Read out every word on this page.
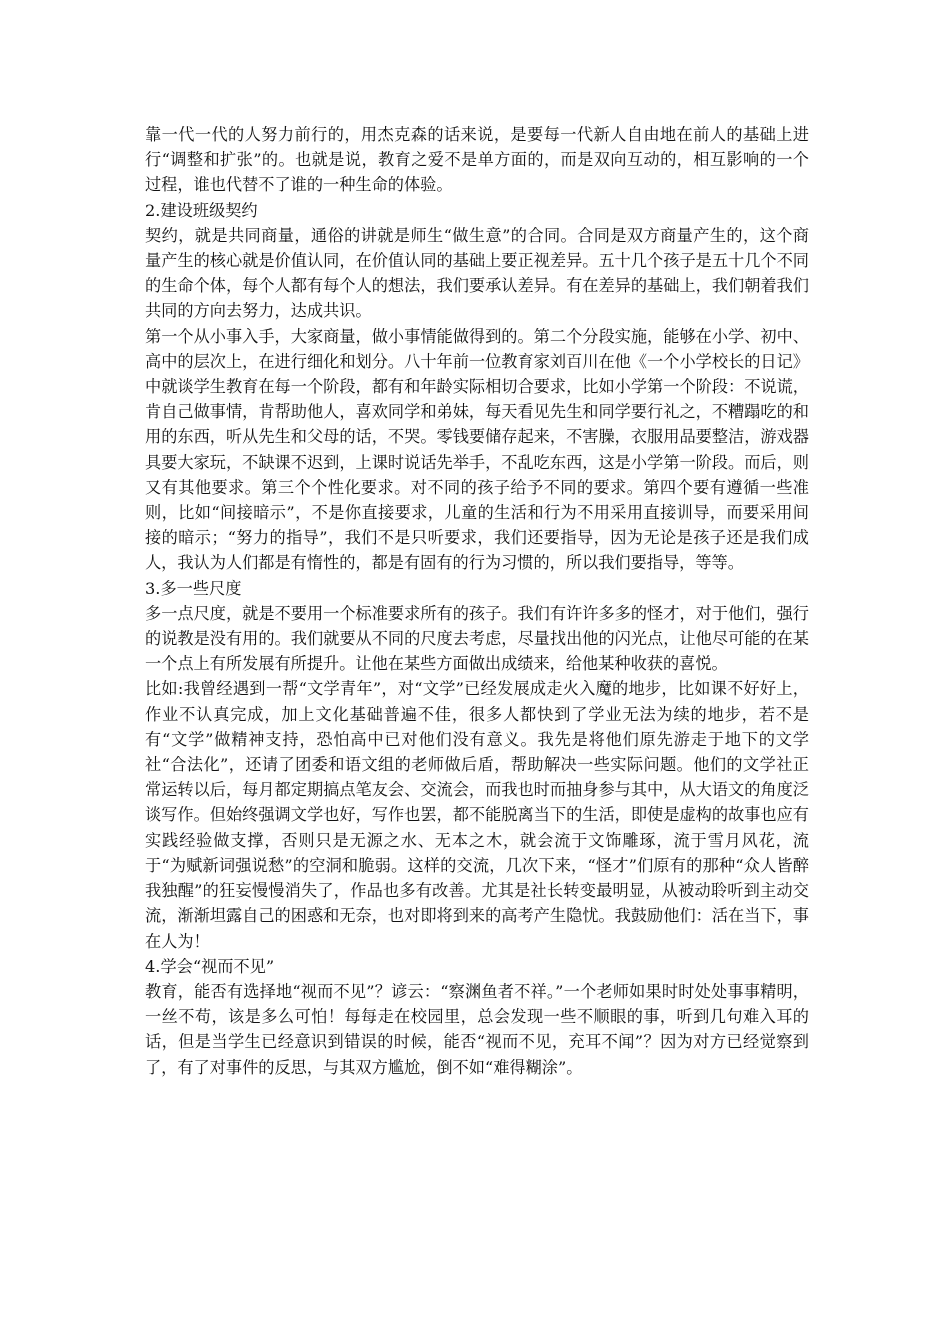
靠一代一代的人努力前行的，用杰克森的话来说，是要每一代新人自由地在前人的基础上进行“调整和扩张”的。也就是说，教育之爱不是单方面的，而是双向互动的，相互影响的一个过程，谁也代替不了谁的一种生命的体验。

2.建设班级契约

契约，就是共同商量，通俗的讲就是师生“做生意”的合同。合同是双方商量产生的，这个商量产生的核心就是价值认同，在价值认同的基础上要正视差异。五十几个孩子是五十几个不同的生命个体，每个人都有每个人的想法，我们要承认差异。有在差异的基础上，我们朝着我们共同的方向去努力，达成共识。

第一个从小事入手，大家商量，做小事情能做得到的。第二个分段实施，能够在小学、初中、高中的层次上，在进行细化和划分。八十年前一位教育家刘百川在他《一个小学校长的日记》中就谈学生教育在每一个阶段，都有和年龄实际相切合要求，比如小学第一个阶段：不说谎，肯自己做事情，肯帮助他人，喜欢同学和弟妹，每天看见先生和同学要行礼之，不糟蹋吃的和用的东西，听从先生和父母的话，不哭。零钱要储存起来，不害臊，衣服用品要整洁，游戏器具要大家玩，不缺课不迟到，上课时说话先举手，不乱吃东西，这是小学第一阶段。而后，则又有其他要求。第三个个性化要求。对不同的孩子给予不同的要求。第四个要有遵循一些准则，比如“间接暗示”，不是你直接要求，儿童的生活和行为不用采用直接训导，而要采用间接的暗示；“努力的指导”，我们不是只听要求，我们还要指导，因为无论是孩子还是我们成人，我认为人们都是有惰性的，都是有固有的行为习惯的，所以我们要指导，等等。

3.多一些尺度

多一点尺度，就是不要用一个标准要求所有的孩子。我们有许许多多的怪才，对于他们，强行的说教是没有用的。我们就要从不同的尺度去考虑，尽量找出他的闪光点，让他尽可能的在某一个点上有所发展有所提升。让他在某些方面做出成绩来，给他某种收获的喜悦。

比如:我曾经遇到一帮“文学青年”，对“文学”已经发展成走火入魔的地步，比如课不好好上，作业不认真完成，加上文化基础普遍不佳，很多人都快到了学业无法为续的地步，若不是有“文学”做精神支持，恐怕高中已对他们没有意义。我先是将他们原先游走于地下的文学社“合法化”，还请了团委和语文组的老师做后盾，帮助解决一些实际问题。他们的文学社正常运转以后，每月都定期搞点笔友会、交流会，而我也时而抽身参与其中，从大语文的角度泛谈写作。但始终强调文学也好，写作也罢，都不能脱离当下的生活，即使是虚构的故事也应有实践经验做支撑，否则只是无源之水、无本之木，就会流于文饰雕琢，流于雪月风花，流于“为赋新词强说愁”的空洞和脆弱。这样的交流，几次下来，“怪才”们原有的那种“众人皆醉我独醒”的狂妄慢慢消失了，作品也多有改善。尤其是社长转变最明显，从被动聆听到主动交流，渐渐坦露自己的困惑和无奈，也对即将到来的高考产生隐忧。我鼓励他们：活在当下，事在人为！

4.学会“视而不见”

教育，能否有选择地“视而不见”？谚云：“察渊鱼者不祥。”一个老师如果时时处处事事精明，一丝不苟，该是多么可怕！每每走在校园里，总会发现一些不顺眼的事，听到几句难入耳的话，但是当学生已经意识到错误的时候，能否“视而不见，充耳不闻”？因为对方已经觉察到了，有了对事件的反思，与其双方尴尬，倒不如“难得糊涂”。
